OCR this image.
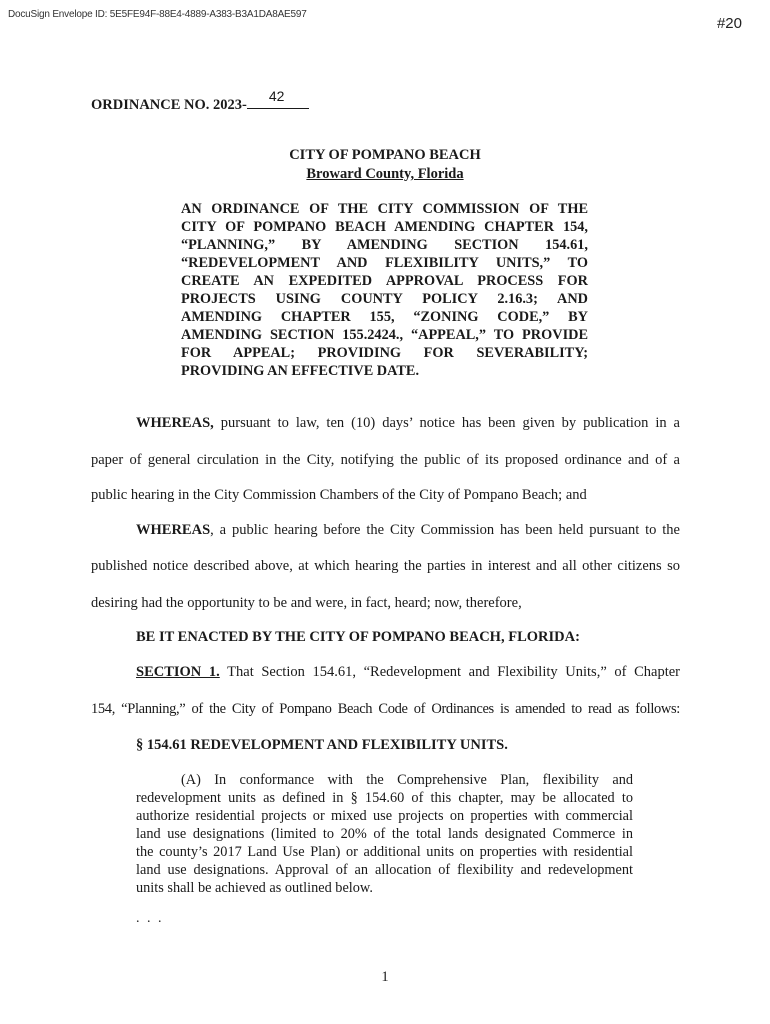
DocuSign Envelope ID: 5E5FE94F-88E4-4889-A383-B3A1DA8AE597
#20
ORDINANCE NO. 2023-
42
CITY OF POMPANO BEACH
Broward County, Florida
AN ORDINANCE OF THE CITY COMMISSION OF THE
CITY OF POMPANO BEACH AMENDING CHAPTER 154,
“PLANNING,” BY AMENDING SECTION 154.61,
“REDEVELOPMENT AND FLEXIBILITY UNITS,” TO
CREATE AN EXPEDITED APPROVAL PROCESS FOR
PROJECTS USING COUNTY POLICY 2.16.3; AND
AMENDING CHAPTER 155, “ZONING CODE,” BY
AMENDING SECTION 155.2424., “APPEAL,” TO PROVIDE
FOR APPEAL; PROVIDING FOR SEVERABILITY;
PROVIDING AN EFFECTIVE DATE.
WHEREAS, pursuant to law, ten (10) days’ notice has been given by publication in a
paper of general circulation in the City, notifying the public of its proposed ordinance and of a
public hearing in the City Commission Chambers of the City of Pompano Beach; and
WHEREAS, a public hearing before the City Commission has been held pursuant to the
published notice described above, at which hearing the parties in interest and all other citizens so
desiring had the opportunity to be and were, in fact, heard; now, therefore,
BE IT ENACTED BY THE CITY OF POMPANO BEACH, FLORIDA:
SECTION 1. That Section 154.61, “Redevelopment and Flexibility Units,” of Chapter
154, “Planning,” of the City of Pompano Beach Code of Ordinances is amended to read as follows:
§ 154.61 REDEVELOPMENT AND FLEXIBILITY UNITS.
(A) In conformance with the Comprehensive Plan, flexibility and
redevelopment units as defined in § 154.60 of this chapter, may be allocated to
authorize residential projects or mixed use projects on properties with commercial
land use designations (limited to 20% of the total lands designated Commerce in
the county’s 2017 Land Use Plan) or additional units on properties with residential
land use designations. Approval of an allocation of flexibility and redevelopment
units shall be achieved as outlined below.
. . .
1
